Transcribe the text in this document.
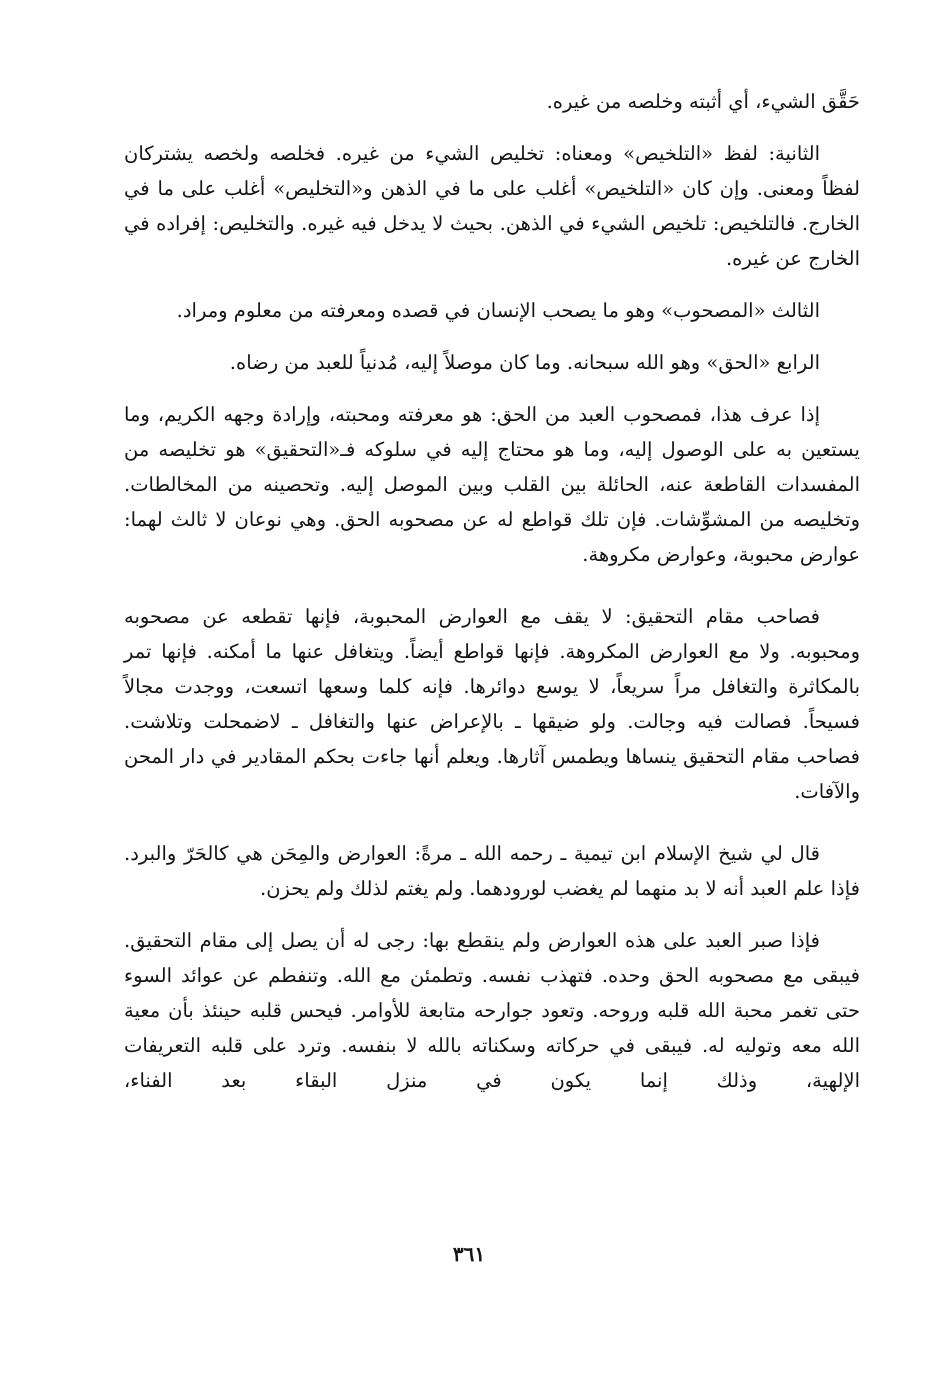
حَقَّق الشيء، أي أثبته وخلصه من غيره.

الثانية: لفظ «التلخيص» ومعناه: تخليص الشيء من غيره. فخلصه ولخصه يشتركان لفظاً ومعنى. وإن كان «التلخيص» أغلب على ما في الذهن و«التخليص» أغلب على ما في الخارج. فالتلخيص: تلخيص الشيء في الذهن. بحيث لا يدخل فيه غيره. والتخليص: إفراده في الخارج عن غيره.

الثالث «المصحوب» وهو ما يصحب الإنسان في قصده ومعرفته من معلوم ومراد.

الرابع «الحق» وهو الله سبحانه. وما كان موصلاً إليه، مُدنياً للعبد من رضاه.

إذا عرف هذا، فمصحوب العبد من الحق: هو معرفته ومحبته، وإرادة وجهه الكريم، وما يستعين به على الوصول إليه، وما هو محتاج إليه في سلوكه فـ«التحقيق» هو تخليصه من المفسدات القاطعة عنه، الحائلة بين القلب وبين الموصل إليه. وتحصينه من المخالطات. وتخليصه من المشوِّشات. فإن تلك قواطع له عن مصحوبه الحق. وهي نوعان لا ثالث لهما: عوارض محبوبة، وعوارض مكروهة.

فصاحب مقام التحقيق: لا يقف مع العوارض المحبوبة، فإنها تقطعه عن مصحوبه ومحبوبه. ولا مع العوارض المكروهة. فإنها قواطع أيضاً. ويتغافل عنها ما أمكنه. فإنها تمر بالمكاثرة والتغافل مراً سريعاً، لا يوسع دوائرها. فإنه كلما وسعها اتسعت، ووجدت مجالاً فسيحاً. فصالت فيه وجالت. ولو ضيقها ـ بالإعراض عنها والتغافل ـ لاضمحلت وتلاشت. فصاحب مقام التحقيق ينساها ويطمس آثارها. ويعلم أنها جاءت بحكم المقادير في دار المحن والآفات.

قال لي شيخ الإسلام ابن تيمية ـ رحمه الله ـ مرةً: العوارض والمِحَن هي كالحَرّ والبرد. فإذا علم العبد أنه لا بد منهما لم يغضب لورودهما. ولم يغتم لذلك ولم يحزن.

فإذا صبر العبد على هذه العوارض ولم ينقطع بها: رجى له أن يصل إلى مقام التحقيق. فيبقى مع مصحوبه الحق وحده. فتهذب نفسه. وتطمئن مع الله. وتنفطم عن عوائد السوء حتى تغمر محبة الله قلبه وروحه. وتعود جوارحه متابعة للأوامر. فيحس قلبه حينئذ بأن معية الله معه وتوليه له. فيبقى في حركاته وسكناته بالله لا بنفسه. وترد على قلبه التعريفات الإلهية، وذلك إنما يكون في منزل البقاء بعد الفناء،

٣٦١
